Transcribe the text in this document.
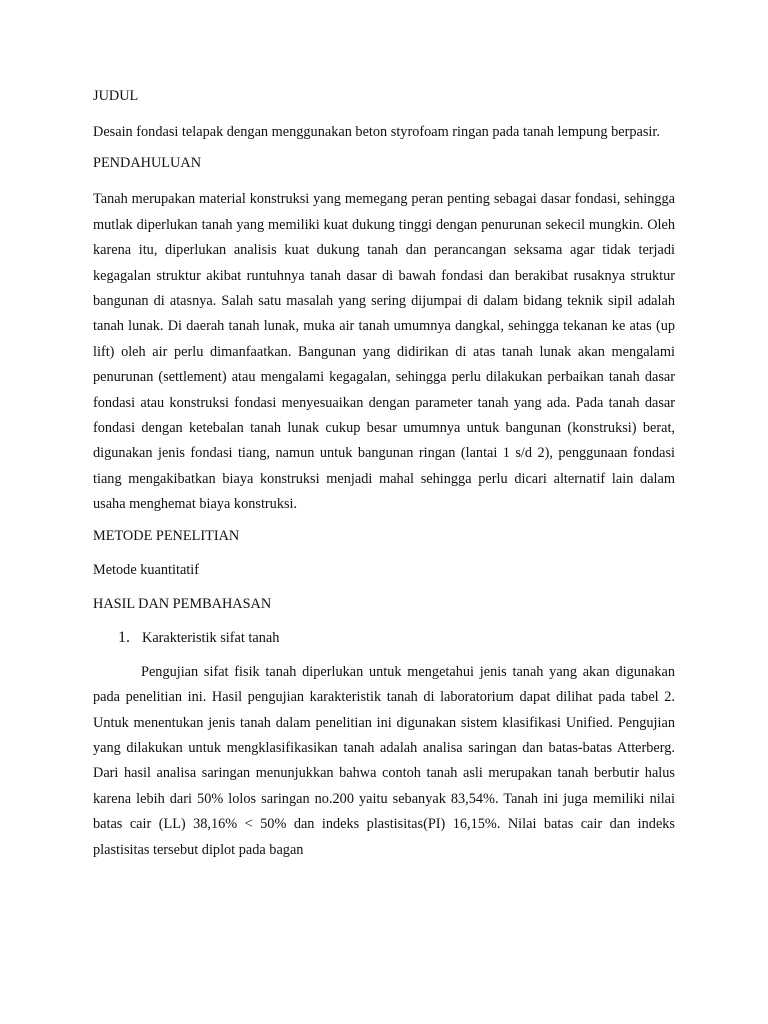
JUDUL

Desain fondasi telapak dengan menggunakan beton styrofoam ringan pada tanah lempung berpasir.

PENDAHULUAN

Tanah merupakan material konstruksi yang memegang peran penting sebagai dasar fondasi, sehingga mutlak diperlukan tanah yang memiliki kuat dukung tinggi dengan penurunan sekecil mungkin. Oleh karena itu, diperlukan analisis kuat dukung tanah dan perancangan seksama agar tidak terjadi kegagalan struktur akibat runtuhnya tanah dasar di bawah fondasi dan berakibat rusaknya struktur bangunan di atasnya. Salah satu masalah yang sering dijumpai di dalam bidang teknik sipil adalah tanah lunak. Di daerah tanah lunak, muka air tanah umumnya dangkal, sehingga tekanan ke atas (up lift) oleh air perlu dimanfaatkan. Bangunan yang didirikan di atas tanah lunak akan mengalami penurunan (settlement) atau mengalami kegagalan, sehingga perlu dilakukan perbaikan tanah dasar fondasi atau konstruksi fondasi menyesuaikan dengan parameter tanah yang ada. Pada tanah dasar fondasi dengan ketebalan tanah lunak cukup besar umumnya untuk bangunan (konstruksi) berat, digunakan jenis fondasi tiang, namun untuk bangunan ringan (lantai 1 s/d 2), penggunaan fondasi tiang mengakibatkan biaya konstruksi menjadi mahal sehingga perlu dicari alternatif lain dalam usaha menghemat biaya konstruksi.

METODE PENELITIAN

Metode kuantitatif

HASIL DAN PEMBAHASAN

1. Karakteristik sifat tanah

Pengujian sifat fisik tanah diperlukan untuk mengetahui jenis tanah yang akan digunakan pada penelitian ini. Hasil pengujian karakteristik tanah di laboratorium dapat dilihat pada tabel 2. Untuk menentukan jenis tanah dalam penelitian ini digunakan sistem klasifikasi Unified. Pengujian yang dilakukan untuk mengklasifikasikan tanah adalah analisa saringan dan batas-batas Atterberg. Dari hasil analisa saringan menunjukkan bahwa contoh tanah asli merupakan tanah berbutir halus karena lebih dari 50% lolos saringan no.200 yaitu sebanyak 83,54%. Tanah ini juga memiliki nilai batas cair (LL) 38,16% < 50% dan indeks plastisitas(PI) 16,15%. Nilai batas cair dan indeks plastisitas tersebut diplot pada bagan
